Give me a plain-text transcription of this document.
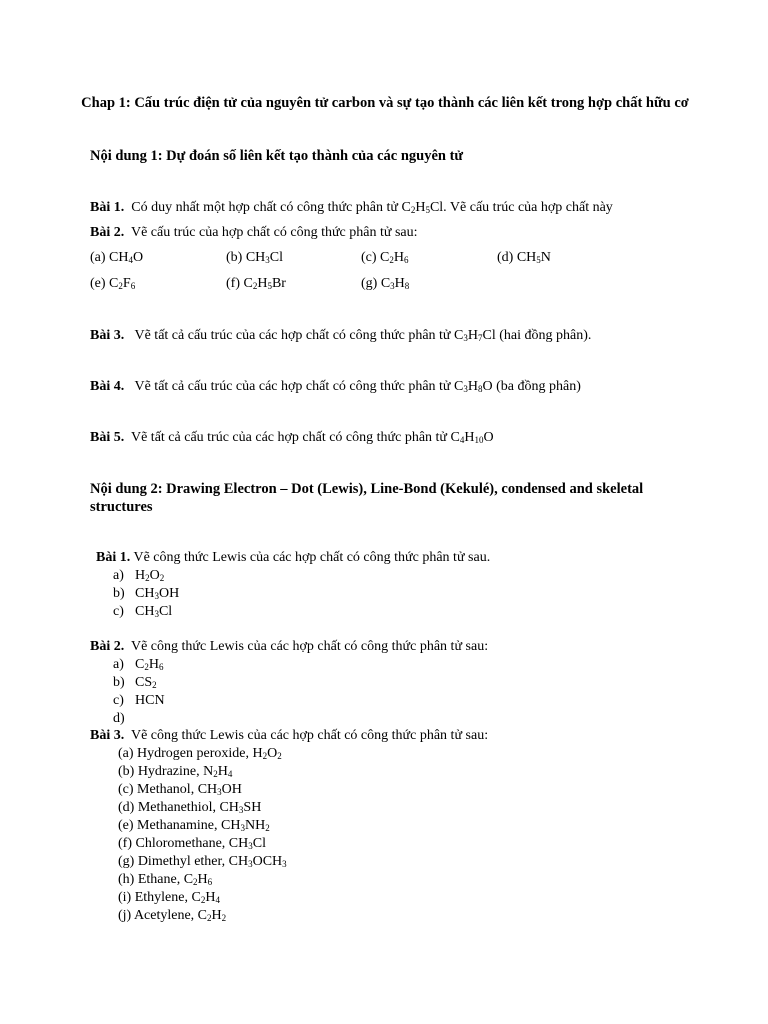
Chap 1: Cấu trúc điện tử của nguyên tử carbon và sự tạo thành các liên kết trong hợp chất hữu cơ
Nội dung 1: Dự đoán số liên kết tạo thành của các nguyên tử
Bài 1. Có duy nhất một hợp chất có công thức phân tử $C_2H_5Cl$. Vẽ cấu trúc của hợp chất này
Bài 2. Vẽ cấu trúc của hợp chất có công thức phân tử sau:
(a) $CH_4O$	(b) $CH_3Cl$	(c) $C_2H_6$	(d) $CH_5N$
(e) $C_2F_6$	(f) $C_2H_5Br$	(g) $C_3H_8$
Bài 3. Vẽ tất cả cấu trúc của các hợp chất có công thức phân tử $C_3H_7Cl$ (hai đồng phân).
Bài 4. Vẽ tất cả cấu trúc của các hợp chất có công thức phân tử $C_3H_8O$ (ba đồng phân)
Bài 5. Vẽ tất cả cấu trúc của các hợp chất có công thức phân tử $C_4H_{10}O$
Nội dung 2: Drawing Electron – Dot (Lewis), Line-Bond (Kekulé), condensed and skeletal structures
Bài 1. Vẽ công thức Lewis của các hợp chất có công thức phân tử sau.
a) $H_2O_2$
b) $CH_3OH$
c) $CH_3Cl$
Bài 2. Vẽ công thức Lewis của các hợp chất có công thức phân tử sau:
a) $C_2H_6$
b) $CS_2$
c) HCN
d)
Bài 3. Vẽ công thức Lewis của các hợp chất có công thức phân tử sau:
(a) Hydrogen peroxide, $H_2O_2$
(b) Hydrazine, $N_2H_4$
(c) Methanol, $CH_3OH$
(d) Methanethiol, $CH_3SH$
(e) Methanamine, $CH_3NH_2$
(f) Chloromethane, $CH_3Cl$
(g) Dimethyl ether, $CH_3OCH_3$
(h) Ethane, $C_2H_6$
(i) Ethylene, $C_2H_4$
(j) Acetylene, $C_2H_2$
